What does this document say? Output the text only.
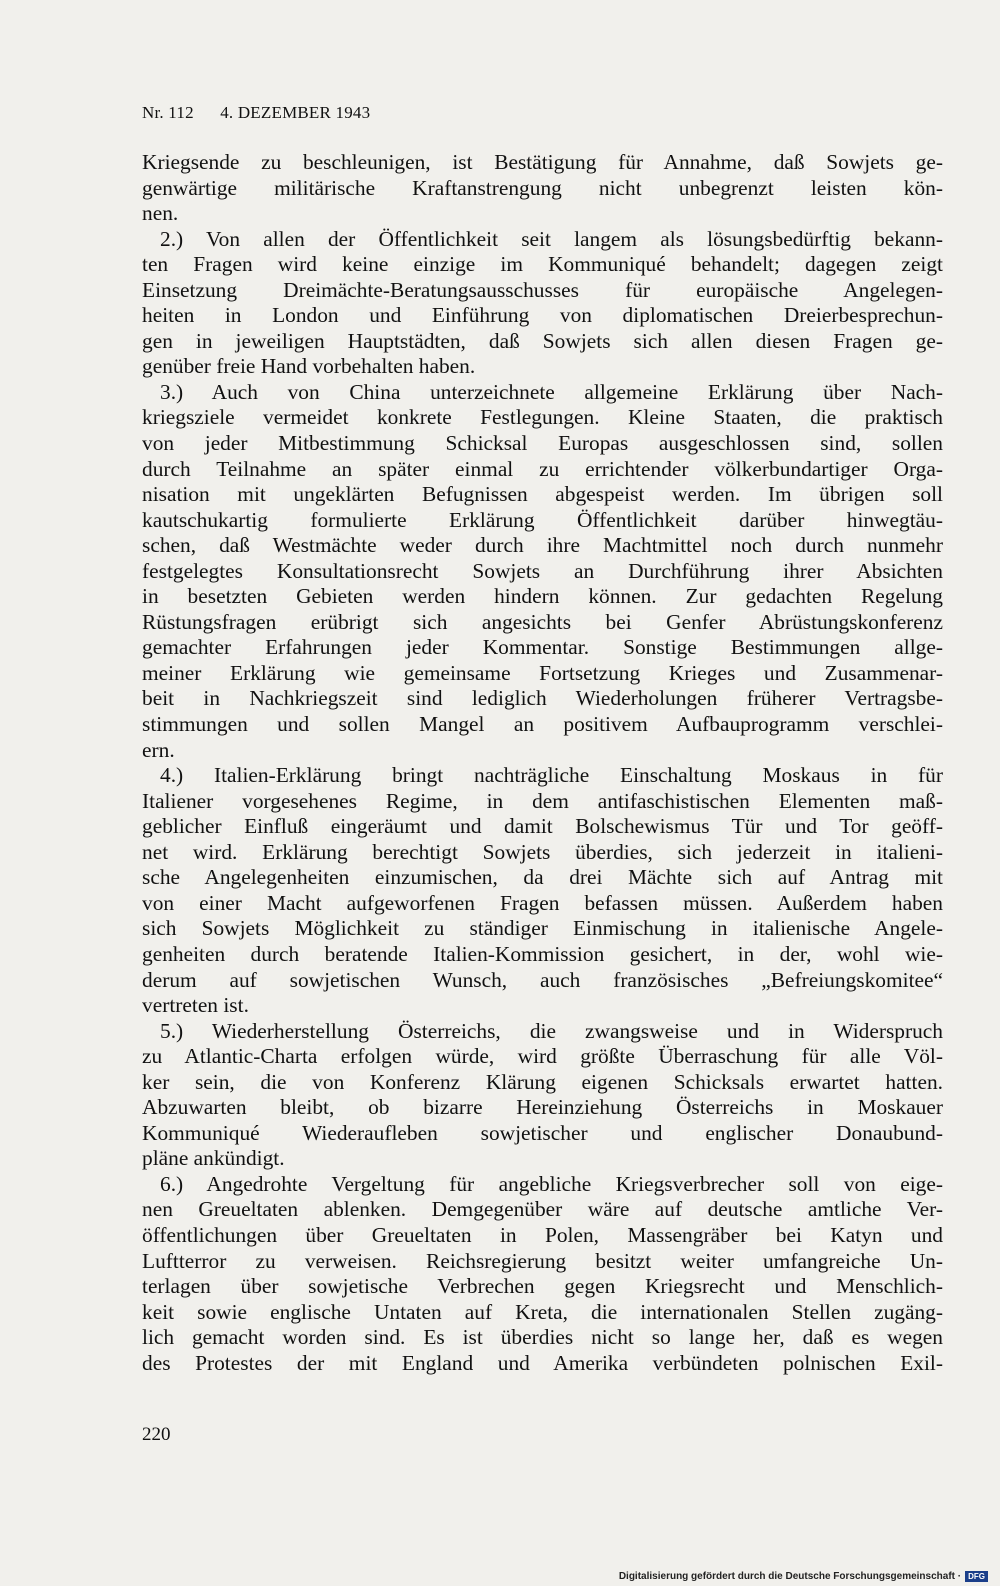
Nr. 112 4. DEZEMBER 1943
Kriegsende zu beschleunigen, ist Bestätigung für Annahme, daß Sowjets ge-
genwärtige militärische Kraftanstrengung nicht unbegrenzt leisten kön-
nen.
2.) Von allen der Öffentlichkeit seit langem als lösungsbedürftig bekann-
ten Fragen wird keine einzige im Kommuniqué behandelt; dagegen zeigt
Einsetzung Dreimächte-Beratungsausschusses für europäische Angelegen-
heiten in London und Einführung von diplomatischen Dreierbesprechun-
gen in jeweiligen Hauptstädten, daß Sowjets sich allen diesen Fragen ge-
genüber freie Hand vorbehalten haben.
3.) Auch von China unterzeichnete allgemeine Erklärung über Nach-
kriegsziele vermeidet konkrete Festlegungen. Kleine Staaten, die praktisch
von jeder Mitbestimmung Schicksal Europas ausgeschlossen sind, sollen
durch Teilnahme an später einmal zu errichtender völkerbundartiger Orga-
nisation mit ungeklärten Befugnissen abgespeist werden. Im übrigen soll
kautschukartig formulierte Erklärung Öffentlichkeit darüber hinwegtäu-
schen, daß Westmächte weder durch ihre Machtmittel noch durch nunmehr
festgelegtes Konsultationsrecht Sowjets an Durchführung ihrer Absichten
in besetzten Gebieten werden hindern können. Zur gedachten Regelung
Rüstungsfragen erübrigt sich angesichts bei Genfer Abrüstungskonferenz
gemachter Erfahrungen jeder Kommentar. Sonstige Bestimmungen allge-
meiner Erklärung wie gemeinsame Fortsetzung Krieges und Zusammenar-
beit in Nachkriegszeit sind lediglich Wiederholungen früherer Vertragsbe-
stimmungen und sollen Mangel an positivem Aufbauprogramm verschlei-
ern.
4.) Italien-Erklärung bringt nachträgliche Einschaltung Moskaus in für
Italiener vorgesehenes Regime, in dem antifaschistischen Elementen maß-
geblicher Einfluß eingeräumt und damit Bolschewismus Tür und Tor geöff-
net wird. Erklärung berechtigt Sowjets überdies, sich jederzeit in italieni-
sche Angelegenheiten einzumischen, da drei Mächte sich auf Antrag mit
von einer Macht aufgeworfenen Fragen befassen müssen. Außerdem haben
sich Sowjets Möglichkeit zu ständiger Einmischung in italienische Angele-
genheiten durch beratende Italien-Kommission gesichert, in der, wohl wie-
derum auf sowjetischen Wunsch, auch französisches „Befreiungskomitee“
vertreten ist.
5.) Wiederherstellung Österreichs, die zwangsweise und in Widerspruch
zu Atlantic-Charta erfolgen würde, wird größte Überraschung für alle Völ-
ker sein, die von Konferenz Klärung eigenen Schicksals erwartet hatten.
Abzuwarten bleibt, ob bizarre Hereinziehung Österreichs in Moskauer
Kommuniqué Wiederaufleben sowjetischer und englischer Donaubund-
pläne ankündigt.
6.) Angedrohte Vergeltung für angebliche Kriegsverbrecher soll von eige-
nen Greueltaten ablenken. Demgegenüber wäre auf deutsche amtliche Ver-
öffentlichungen über Greueltaten in Polen, Massengräber bei Katyn und
Luftterror zu verweisen. Reichsregierung besitzt weiter umfangreiche Un-
terlagen über sowjetische Verbrechen gegen Kriegsrecht und Menschlich-
keit sowie englische Untaten auf Kreta, die internationalen Stellen zugäng-
lich gemacht worden sind. Es ist überdies nicht so lange her, daß es wegen
des Protestes der mit England und Amerika verbündeten polnischen Exil-
220
Digitalisierung gefördert durch die Deutsche Forschungsgemeinschaft · DFG
